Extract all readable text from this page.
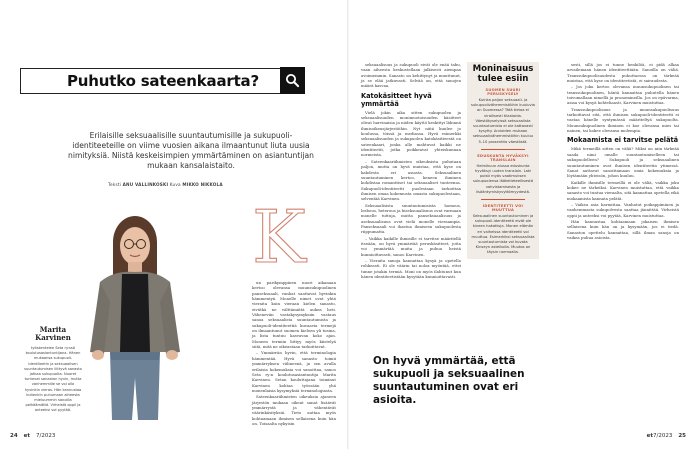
Puhutko sateenkaarta?

Erilaisille seksuaalisille suuntautumisille ja sukupuoli-identiteeteille on viime vuosien aikana ilmaantunut liuta uusia nimityksiä. Niistä keskeisimpien ymmärtäminen on asiantuntijan mukaan kansalaistaito.

Teksti ANU VALLINKOSKI Kuva MIKKO NIKKOLA
K
Marita Karvinen
työskentelee Seta ry:ssä koulutusasiantuntijana. Hänen mukaansa sukupuoli-identiteetin ja seksuaalisen suuntautumisen liittyvä sanasto jatkaa sukupuolta. Nuoret tuntevat sanaston hyvin, mutta vanhemmille se voi olla hyvinkin vieras. Hän kannustaa kuitenkin puhumaan aiheesta mieluummin sanoilla pelkäämättä. Virheistä oppii ja anteeksi voi pyytää.

un parikymppinen nuori aikanaan kertoo olevansa muunsukupuolinen panseksuaali, vanhat saattavat hyvinkin hämmentyä. Monelle nimet ovat yhtä vieraita kuin vieraan kielen sanasto, eivätkä ne välttämättä aukea heti. Väheneviin vastakysymyksiin vastaus sanoa seksuaalista suuntautumista ja sukupuoli-identiteettiä kuvaavia termejä on ilmaantunut suomen kieleen yli tusina, ja lista tuntuu kasvavan koko ajan. Moneen termiin liittyy myös kiistelyä siitä, mitä ne oikeastaan tarkoittavat.

– Ymmärrän hyvin, että terminologia hämmentää. Hyvä sanasto toimii ymmärryksen välineenä, ja sen avulla erilaisia kokemuksia voi sanoittaa, sanoo Seta ry:n koulutusasiantuntija Marita Karvinen. Setan kouluttajana toiminut Karvinen kohtaa työssään yhä monenlaisia kysymyksiä terminologiasta.

Sateenkaariihmisten oikeuksia ajaneen järjestön mukaan oikeat sanat lisäävät ymmärrystä ja vähentävät väärinkäsityksiä. Tieto auttaa myös kohtaamaan ihmisen sellaisena kuin hän on. Toisaalta nykyisin

24 et 7/2023

seksuaalisuus ja sukupuoli eivät ole enää tabu, vaan aiheesta keskustellaan julkisesti aiempaa avoimemmin. Sanasto on kehittynyt ja muuttunut, ja se elää jatkuvasti. Selvää on, että sanojen määrä kasvaa.

Katokäsitteet hyvä ymmärtää

Vielä jokin aika sitten sukupuolen ja seksuaalisuuden monimuotoisuuden käsitteet olivat harvinaisia ja niiden käyttö keskittyi lähinnä ihmisoikeusjärjestöihin. Nyt niitä kuulee jo koulussa, töissä ja mediassa. Hyvä esimerkki seksuaalisuuden ja sukupuolen katokäsitteestä on sateenkaari, jonka alle mahtuvat kaikki ne identiteetit, jotka poikkeavat yhteiskunnan normeista.

– Sateenkaariihmisten oikeuksista puhutaan paljon, mutta on hyvä muistaa, että kyse on kahdesta eri asiasta. Seksuaalinen suuntautuminen kertoo, keneen ihminen kohdistaa romanttiset tai seksuaaliset tunteensa. Sukupuoli-identiteetti puolestaan tarkoittaa ihmisen omaa kokemusta omasta sukupuolestaan, selventää Karvinen.

Seksuaalisista suuntautumisista homous, lesbous, heterous ja biseksuaalisuus ovat varmaan monelle tuttuja, mutta panseksuaalisuus ja aseksuaalisuus ovat vielä monelle vieraampia. Panseksuaali voi ihastua ihmiseen sukupuolesta riippumatta.

– Vaikka kaikille ihmisille ei tarvitse määritellä itseään, on hyvä ymmärtää peruskäsitteet, jotta voi ymmärtää muita ja puhua heistä kunnioittavasti, sanoo Karvinen.

– Vieraita sanoja kannattaa kysyä ja opetella rohkeasti. Ei ole väärin tai noloa myöntää, ettei tunne jotakin termiä. Moni on myös ilahtunut kun hänen identiteetistään kysytään kunnioittavasti.

Moninaisuus tulee esiin
SUOMEN SUURI PERUSKYSELY

Kuinka paljon seksuaali- ja sukupuolivähemmistöihin kuuluvia on Suomessa? Tätä tietoa ei virallisesti tilastoida. Väestökyselyissä seksuaalista suuntautumista ei ole kattavasti kysytty. Arvioiden mukaan seksuaalivähemmistöihin kuuluu 5–10 prosenttia väestöstä.

EDUSKUNTA HYVÄKSYI TRANSLAIN

Helmikuun alussa eduskunta hyväksyi uuden translain. Laki poisti myös vaatimuksen sukupuolensa lääketieteellisestä vahvistamisesta ja lisääntymiskyvyttömyydestä.

IDENTITEETTI VOI MUUTTUA

Seksuaalinen suuntautuminen ja sukupuoli-identiteetti eivät ole kiveen hakattuja. Monen elämän eri vaiheissa identiteetti voi muuttua. Esimerkiksi seksuaalista suuntautumista voi kuvata Kinseyn asteikolla. Muutos on täysin normaalia.

On hyvä ymmärtää, että sukupuoli ja seksuaalinen suuntautuminen ovat eri asioita.

sesti, sillä jos ei tunne henkilöä, ei pidä alkaa arvailemaan hänen identiteettiään. Sanoilla on väliä. Transsukupuolisuudesta puhuttaessa on tärkeää muistaa, että kyse on identiteetistä, ei sairaudesta.

– Jos joku kertoo olevansa muunsukupuolinen tai transsukupuolinen, häntä kannattaa puhutella hänen toivomallaan nimellä ja pronomineilla. Jos on epävarma, asiaa voi kysyä kohteliaasti, Karvinen muistuttaa.

Transsukupuolisuus ja muunsukupuolisuus tarkoittavat sitä, että ihmisen sukupuoli-identiteetti ei vastaa hänelle syntymässä määriteltyä sukupuolta. Muunsukupuolinen ihminen ei koe olevansa mies tai nainen, tai kokee olevansa molempia.

Mokaamista ei tarvitse pelätä

Mikä termeillä sitten on väliä? Miksi on niin tärkeää saada nimi omalle suuntautumiselleen tai sukupuolelleen? Sukupuoli ja seksuaalinen suuntautuminen ovat ihmisen identiteetin ytimessä. Sanat auttavat sanoittamaan omia kokemuksia ja löytämään yhteisön, johon kuuluu.

Kaikille ihmisille termeillä ei ole väliä, vaikka joku kokee ne tärkeiksi. Karvinen muistuttaa, että vaikka sanasto voi tuntua vieraalta, sitä kannattaa opetella eikä mokaamista kannata pelätä.

– Vaikea asia harmittaa. Vanhatut poikappiminen ja vanhemmasta sukupolvesta saattaa jännittää. Virheistä oppii ja anteeksi voi pyytää, Karvinen muistuttaa.

Hän kannustaa kohtaamaan jokaisen ihmisen sellaisena kuin hän on ja kysymään, jos ei tiedä. Sanaston opettelu kannattaa, sillä ilman sanoja on vaikea puhua asioista.

et7/2023 25
